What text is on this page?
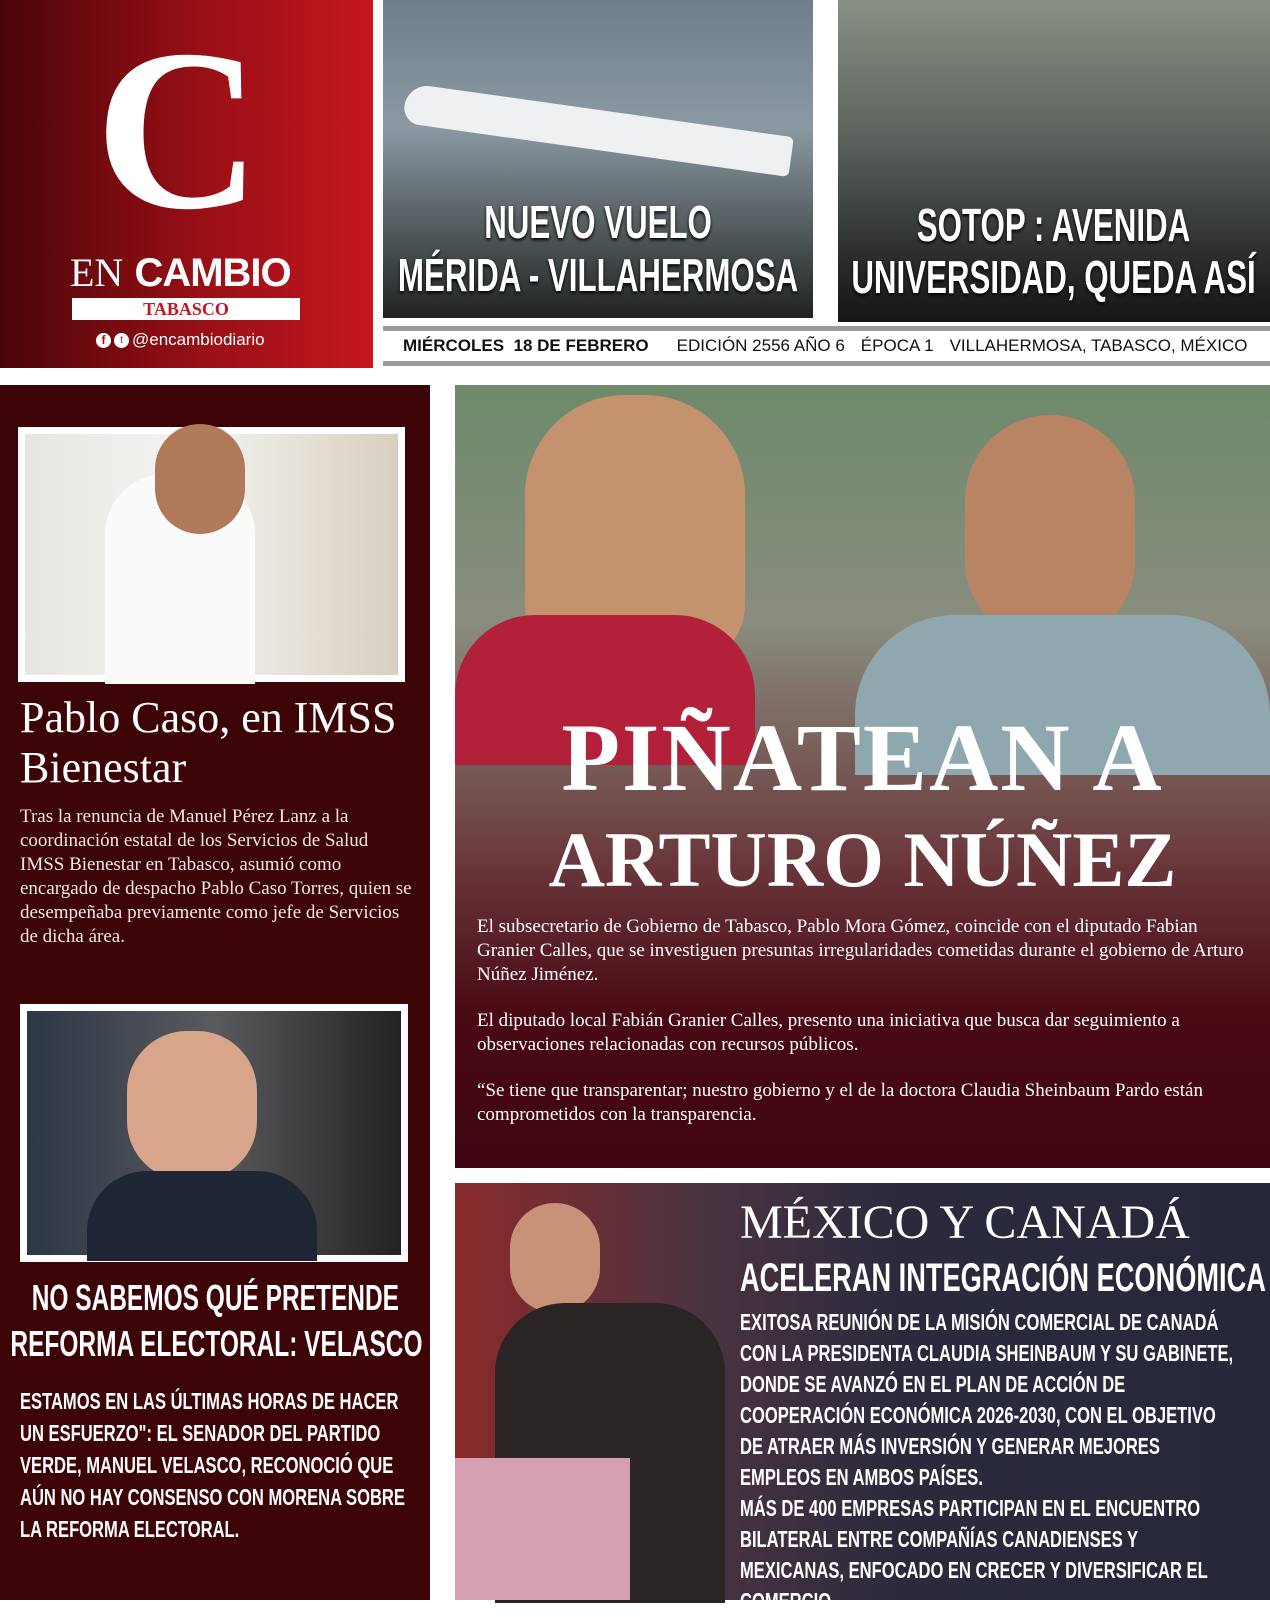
C
EN CAMBIO
TABASCO
f	t @encambiodiario
NUEVO VUELO
MÉRIDA - VILLAHERMOSA
SOTOP : AVENIDA
UNIVERSIDAD, QUEDA ASÍ
MIÉRCOLES  18 DE FEBRERO EDICIÓN 2556 AÑO 6 ÉPOCA 1 VILLAHERMOSA, TABASCO, MÉXICO
Pablo Caso, en IMSS Bienestar
Tras la renuncia de Manuel Pérez Lanz a la coordinación estatal de los Servicios de Salud IMSS Bienestar en Tabasco, asumió como encargado de despacho Pablo Caso Torres, quien se desempeñaba previamente como jefe de Servicios de dicha área.
NO SABEMOS QUÉ PRETENDE
REFORMA ELECTORAL: VELASCO
ESTAMOS EN LAS ÚLTIMAS HORAS DE HACER UN ESFUERZO": EL SENADOR DEL PARTIDO VERDE, MANUEL VELASCO, RECONOCIÓ QUE AÚN NO HAY CONSENSO CON MORENA SOBRE LA REFORMA ELECTORAL.
PIÑATEAN A
ARTURO NÚÑEZ

El subsecretario de Gobierno de Tabasco, Pablo Mora Gómez, coincide con el diputado Fabian Granier Calles, que se investiguen presuntas irregularidades cometidas durante el gobierno de Arturo Núñez Jiménez.

El diputado local Fabián Granier Calles, presento una iniciativa que busca dar seguimiento a observaciones relacionadas con recursos públicos.

“Se tiene que transparentar; nuestro gobierno y el de la doctora Claudia Sheinbaum Pardo están comprometidos con la transparencia.

MÉXICO Y CANADÁ
ACELERAN INTEGRACIÓN ECONÓMICA
EXITOSA REUNIÓN DE LA MISIÓN COMERCIAL DE CANADÁ CON LA PRESIDENTA CLAUDIA SHEINBAUM Y SU GABINETE, DONDE SE AVANZÓ EN EL PLAN DE ACCIÓN DE COOPERACIÓN ECONÓMICA 2026-2030, CON EL OBJETIVO DE ATRAER MÁS INVERSIÓN Y GENERAR MEJORES EMPLEOS EN AMBOS PAÍSES.
MÁS DE 400 EMPRESAS PARTICIPAN EN EL ENCUENTRO BILATERAL ENTRE COMPAÑÍAS CANADIENSES Y MEXICANAS, ENFOCADO EN CRECER Y DIVERSIFICAR EL COMERCIO.
